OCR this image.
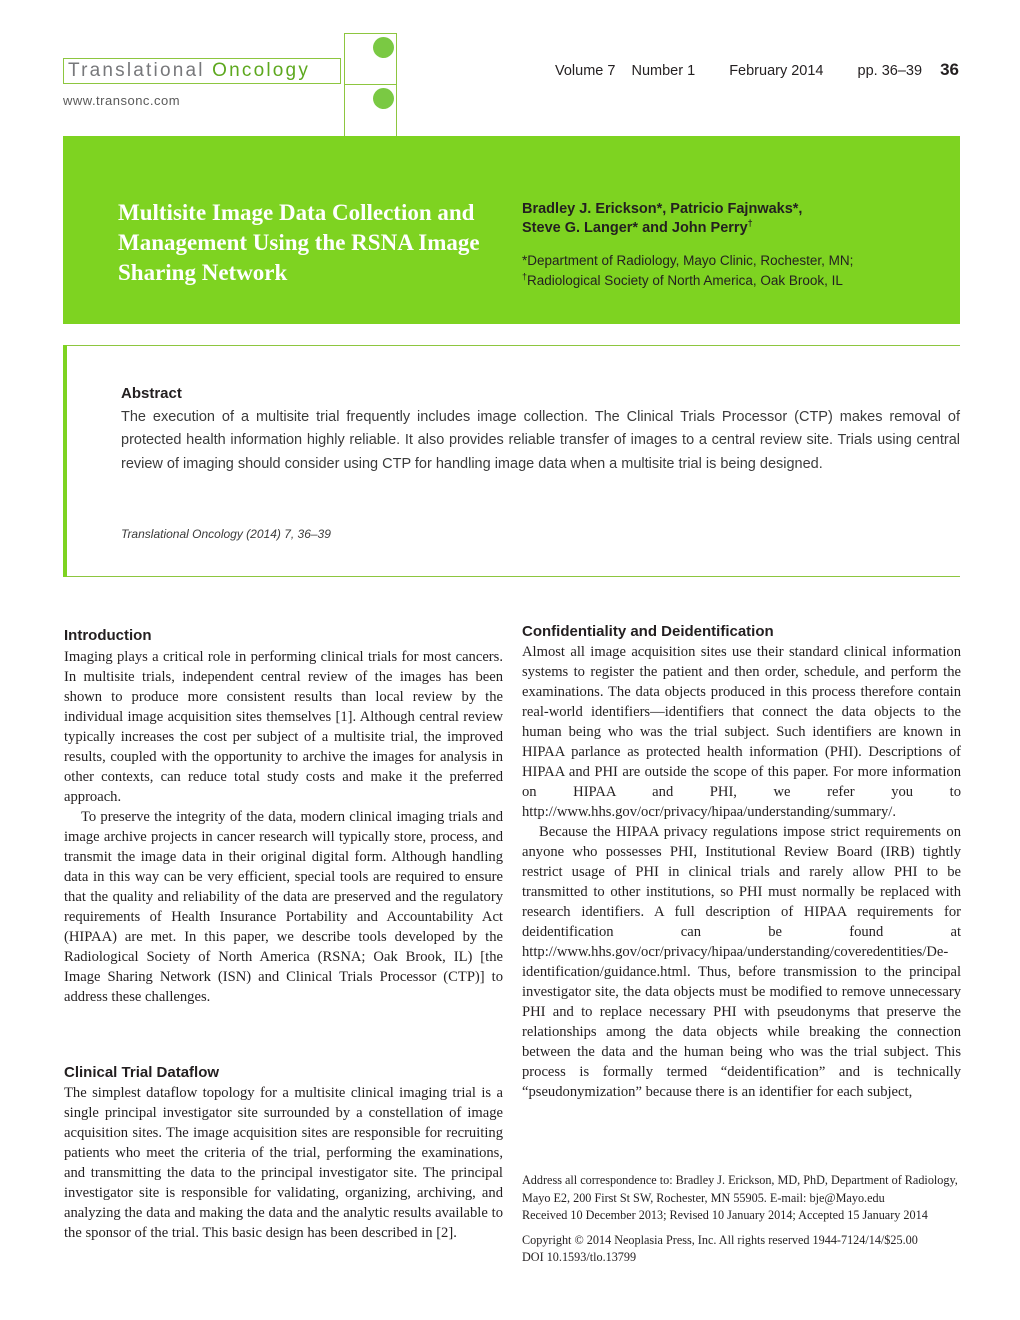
Translational Oncology
www.transonc.com
Volume 7 Number 1 February 2014 pp. 36–39 36
Multisite Image Data Collection and Management Using the RSNA Image Sharing Network
Bradley J. Erickson*, Patricio Fajnwaks*,
Steve G. Langer* and John Perry†
*Department of Radiology, Mayo Clinic, Rochester, MN;
†Radiological Society of North America, Oak Brook, IL
Abstract
The execution of a multisite trial frequently includes image collection. The Clinical Trials Processor (CTP) makes removal of protected health information highly reliable. It also provides reliable transfer of images to a central review site. Trials using central review of imaging should consider using CTP for handling image data when a multisite trial is being designed.
Translational Oncology (2014) 7, 36–39
Introduction

Imaging plays a critical role in performing clinical trials for most cancers. In multisite trials, independent central review of the images has been shown to produce more consistent results than local review by the individual image acquisition sites themselves [1]. Although central review typically increases the cost per subject of a multisite trial, the improved results, coupled with the opportunity to archive the images for analysis in other contexts, can reduce total study costs and make it the preferred approach.

To preserve the integrity of the data, modern clinical imaging trials and image archive projects in cancer research will typically store, process, and transmit the image data in their original digital form. Although handling data in this way can be very efficient, special tools are required to ensure that the quality and reliability of the data are preserved and the regulatory requirements of Health Insurance Portability and Accountability Act (HIPAA) are met. In this paper, we describe tools developed by the Radiological Society of North America (RSNA; Oak Brook, IL) [the Image Sharing Network (ISN) and Clinical Trials Processor (CTP)] to address these challenges.

Clinical Trial Dataflow

The simplest dataflow topology for a multisite clinical imaging trial is a single principal investigator site surrounded by a constellation of image acquisition sites. The image acquisition sites are responsible for recruiting patients who meet the criteria of the trial, performing the examinations, and transmitting the data to the principal investigator site. The principal investigator site is responsible for validating, organizing, archiving, and analyzing the data and making the data and the analytic results available to the sponsor of the trial. This basic design has been described in [2].

Confidentiality and Deidentification

Almost all image acquisition sites use their standard clinical information systems to register the patient and then order, schedule, and perform the examinations. The data objects produced in this process therefore contain real-world identifiers—identifiers that connect the data objects to the human being who was the trial subject. Such identifiers are known in HIPAA parlance as protected health information (PHI). Descriptions of HIPAA and PHI are outside the scope of this paper. For more information on HIPAA and PHI, we refer you to http://www.hhs.gov/ocr/privacy/hipaa/understanding/summary/.

Because the HIPAA privacy regulations impose strict requirements on anyone who possesses PHI, Institutional Review Board (IRB) tightly restrict usage of PHI in clinical trials and rarely allow PHI to be transmitted to other institutions, so PHI must normally be replaced with research identifiers. A full description of HIPAA requirements for deidentification can be found at http://www.hhs.gov/ocr/privacy/hipaa/understanding/coveredentities/De-identification/guidance.html. Thus, before transmission to the principal investigator site, the data objects must be modified to remove unnecessary PHI and to replace necessary PHI with pseudonyms that preserve the relationships among the data objects while breaking the connection between the data and the human being who was the trial subject. This process is formally termed “deidentification” and is technically “pseudonymization” because there is an identifier for each subject,

Address all correspondence to: Bradley J. Erickson, MD, PhD, Department of Radiology, Mayo E2, 200 First St SW, Rochester, MN 55905. E-mail: bje@Mayo.edu

Received 10 December 2013; Revised 10 January 2014; Accepted 15 January 2014

Copyright © 2014 Neoplasia Press, Inc. All rights reserved 1944-7124/14/$25.00

DOI 10.1593/tlo.13799
